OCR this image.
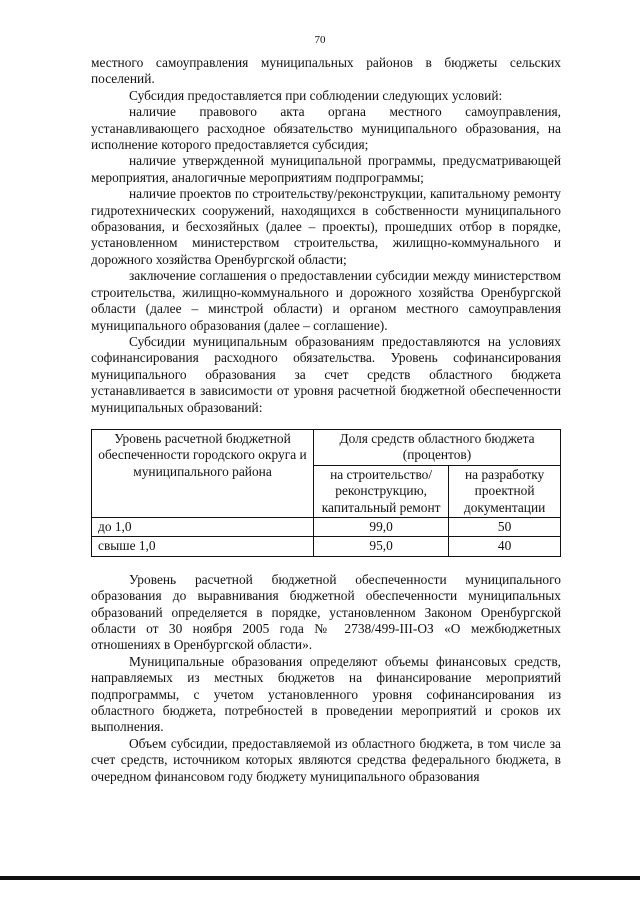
70

местного самоуправления муниципальных районов в бюджеты сельских поселений.

Субсидия предоставляется при соблюдении следующих условий:

наличие правового акта органа местного самоуправления, устанавливающего расходное обязательство муниципального образования, на исполнение которого предоставляется субсидия;

наличие утвержденной муниципальной программы, предусматривающей мероприятия, аналогичные мероприятиям подпрограммы;

наличие проектов по строительству/реконструкции, капитальному ремонту гидротехнических сооружений, находящихся в собственности муниципального образования, и бесхозяйных (далее – проекты), прошедших отбор в порядке, установленном министерством строительства, жилищно-коммунального и дорожного хозяйства Оренбургской области;

заключение соглашения о предоставлении субсидии между министерством строительства, жилищно-коммунального и дорожного хозяйства Оренбургской области (далее – минстрой области) и органом местного самоуправления муниципального образования (далее – соглашение).

Субсидии муниципальным образованиям предоставляются на условиях софинансирования расходного обязательства. Уровень софинансирования муниципального образования за счет средств областного бюджета устанавливается в зависимости от уровня расчетной бюджетной обеспеченности муниципальных образований:

Уровень расчетной бюджетной обеспеченности городского округа и муниципального района	Доля средств областного бюджета (процентов)	
	на строительство/ реконструкцию, капитальный ремонт	на разработку проектной документации
до 1,0	99,0	50
свыше 1,0	95,0	40

Уровень расчетной бюджетной обеспеченности муниципального образования до выравнивания бюджетной обеспеченности муниципальных образований определяется в порядке, установленном Законом Оренбургской области от 30 ноября 2005 года № 2738/499-III-ОЗ «О межбюджетных отношениях в Оренбургской области».

Муниципальные образования определяют объемы финансовых средств, направляемых из местных бюджетов на финансирование мероприятий подпрограммы, с учетом установленного уровня софинансирования из областного бюджета, потребностей в проведении мероприятий и сроков их выполнения.

Объем субсидии, предоставляемой из областного бюджета, в том числе за счет средств, источником которых являются средства федерального бюджета, в очередном финансовом году бюджету муниципального образования
